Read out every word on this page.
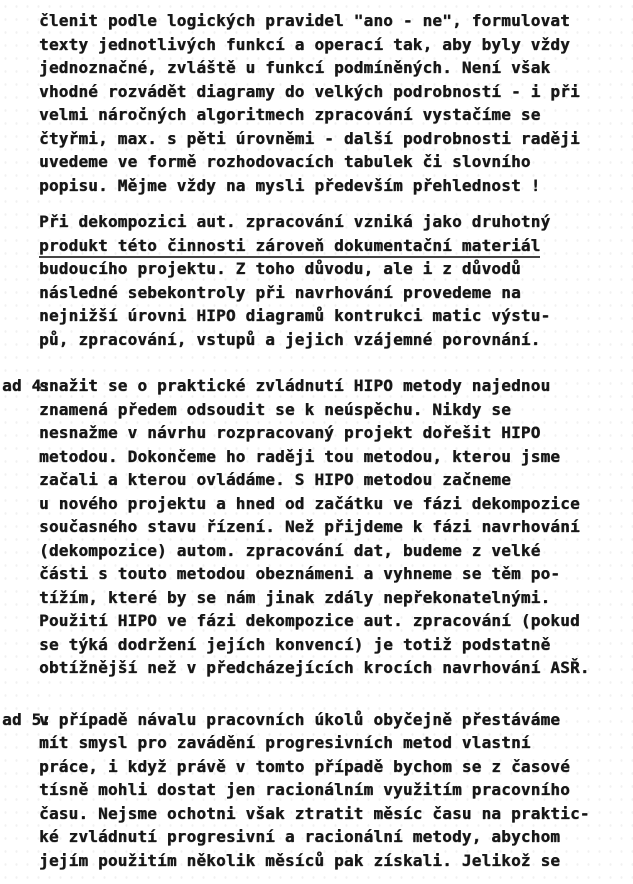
členit podle logických pravidel "ano - ne", formulovat
texty jednotlivých funkcí a operací tak, aby byly vždy
jednoznačné, zvláště u funkcí podmíněných. Není však
vhodné rozvádět diagramy do velkých podrobností - i při
velmi náročných algoritmech zpracování vystačíme se
čtyřmi, max. s pěti úrovněmi - další podrobnosti raději
uvedeme ve formě rozhodovacích tabulek či slovního
popisu. Mějme vždy na mysli především přehlednost !
Při dekompozici aut. zpracování vzniká jako druhotný
produkt této činnosti zároveň dokumentační materiál
budoucího projektu. Z toho důvodu, ale i z důvodů
následné sebekontroly při navrhování provedeme na
nejnižší úrovni HIPO diagramů kontrukci matic výstu-
pů, zpracování, vstupů a jejich vzájemné porovnání.
ad 4:
snažit se o praktické zvládnutí HIPO metody najednou
znamená předem odsoudit se k neúspěchu. Nikdy se
nesnažme v návrhu rozpracovaný projekt dořešit HIPO
metodou. Dokončeme ho raději tou metodou, kterou jsme
začali a kterou ovládáme. S HIPO metodou začneme
u nového projektu a hned od začátku ve fázi dekompozice
současného stavu řízení. Než přijdeme k fázi navrhování
(dekompozice) autom. zpracování dat, budeme z velké
části s touto metodou obeznámeni a vyhneme se těm po-
tížím, které by se nám jinak zdály nepřekonatelnými.
Použití HIPO ve fázi dekompozice aut. zpracování (pokud
se týká dodržení jejích konvencí) je totiž podstatně
obtížnější než v předcházejících krocích navrhování ASŘ.
ad 5:
v případě návalu pracovních úkolů obyčejně přestáváme
mít smysl pro zavádění progresivních metod vlastní
práce, i když právě v tomto případě bychom se z časové
tísně mohli dostat jen racionálním využitím pracovního
času. Nejsme ochotni však ztratit měsíc času na praktic-
ké zvládnutí progresivní a racionální metody, abychom
jejím použitím několik měsíců pak získali. Jelikož se
